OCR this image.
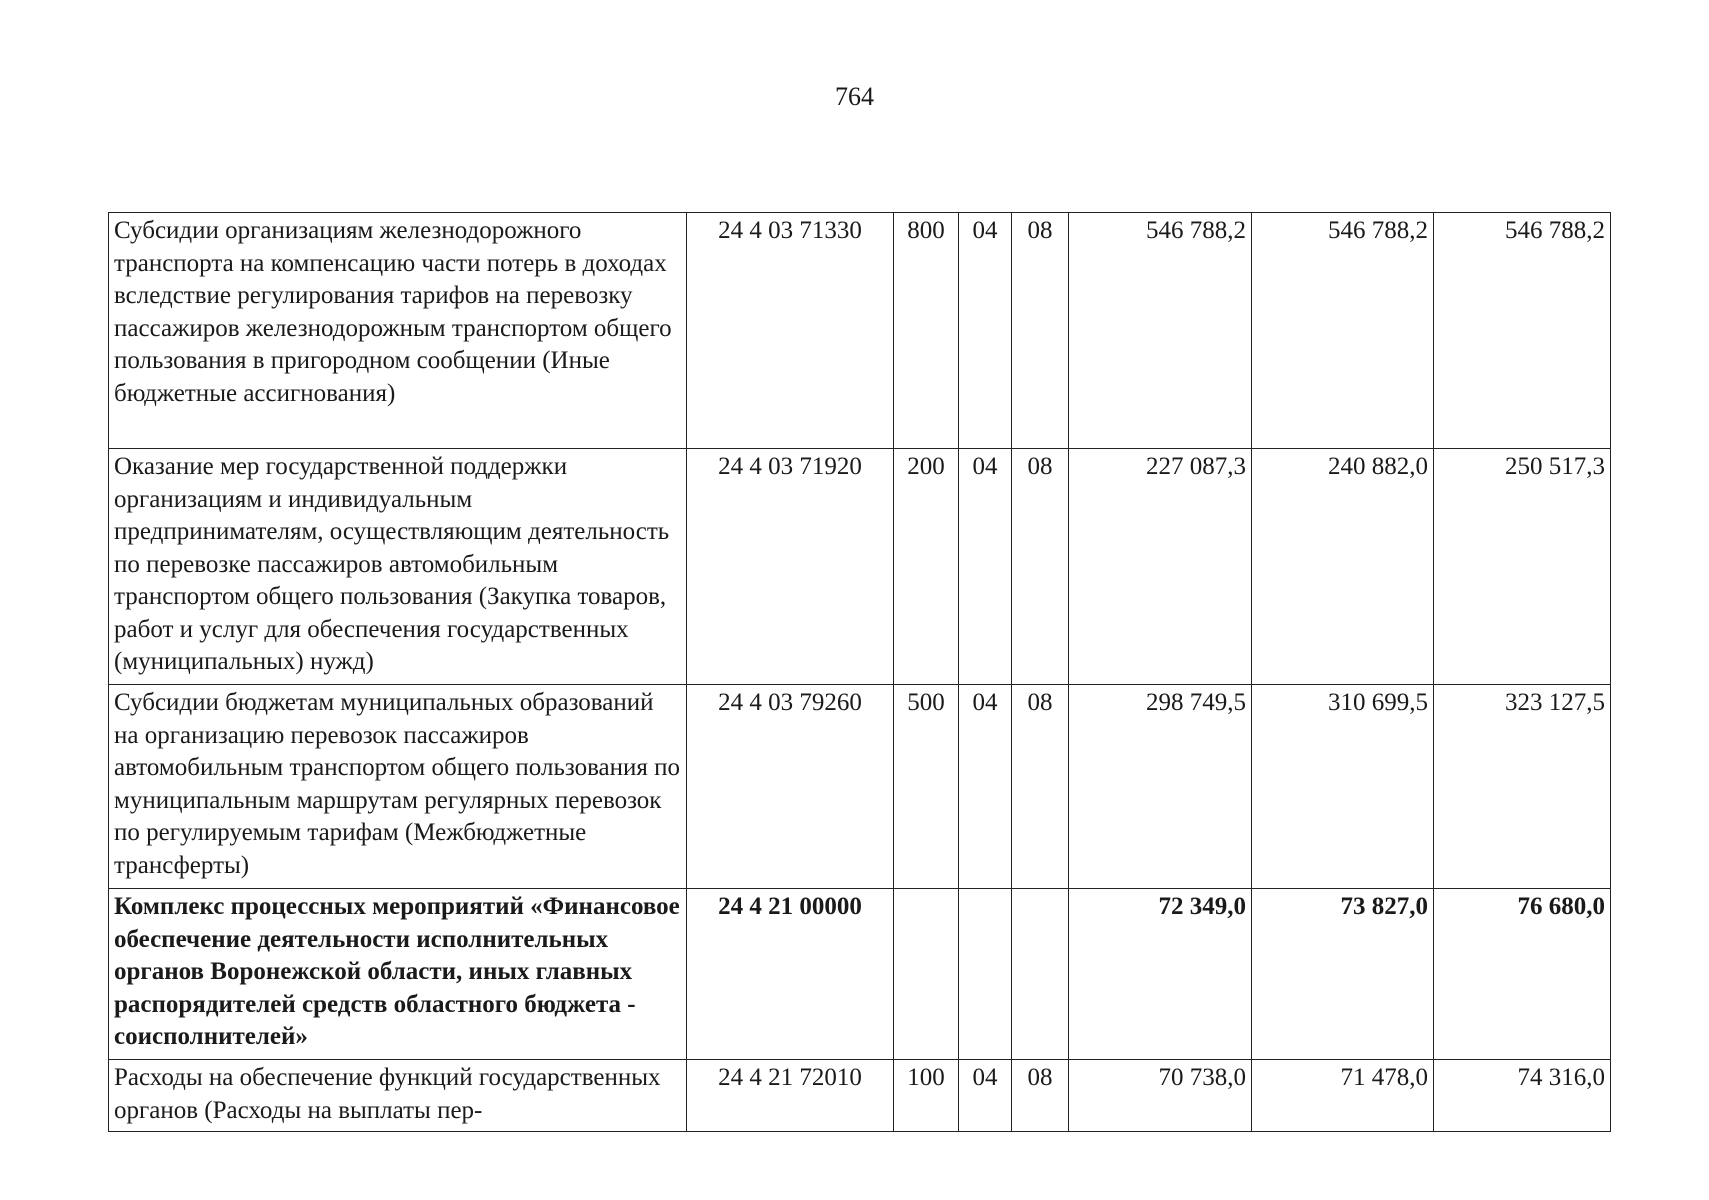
764
Субсидии организациям железнодорожного транспорта на компенсацию части потерь в доходах вследствие регулирования тарифов на перевозку пассажиров железнодорожным транспортом общего пользования в пригородном сообщении (Иные бюджетные ассигнования)	24 4 03 71330	800	04	08	546 788,2	546 788,2	546 788,2
Оказание мер государственной поддержки организациям и индивидуальным предпринимателям, осуществляющим деятельность по перевозке пассажиров автомобильным транспортом общего пользования (Закупка товаров, работ и услуг для обеспечения государственных (муниципальных) нужд)	24 4 03 71920	200	04	08	227 087,3	240 882,0	250 517,3
Субсидии бюджетам муниципальных образований на организацию перевозок пассажиров автомобильным транспортом общего пользования по муниципальным маршрутам регулярных перевозок по регулируемым тарифам (Межбюджетные трансферты)	24 4 03 79260	500	04	08	298 749,5	310 699,5	323 127,5
Комплекс процессных мероприятий «Финансовое обеспечение деятельности исполнительных органов Воронежской области, иных главных распорядителей средств областного бюджета - соисполнителей»	24 4 21 00000				72 349,0	73 827,0	76 680,0
Расходы на обеспечение функций государственных органов (Расходы на выплаты пер-	24 4 21 72010	100	04	08	70 738,0	71 478,0	74 316,0
